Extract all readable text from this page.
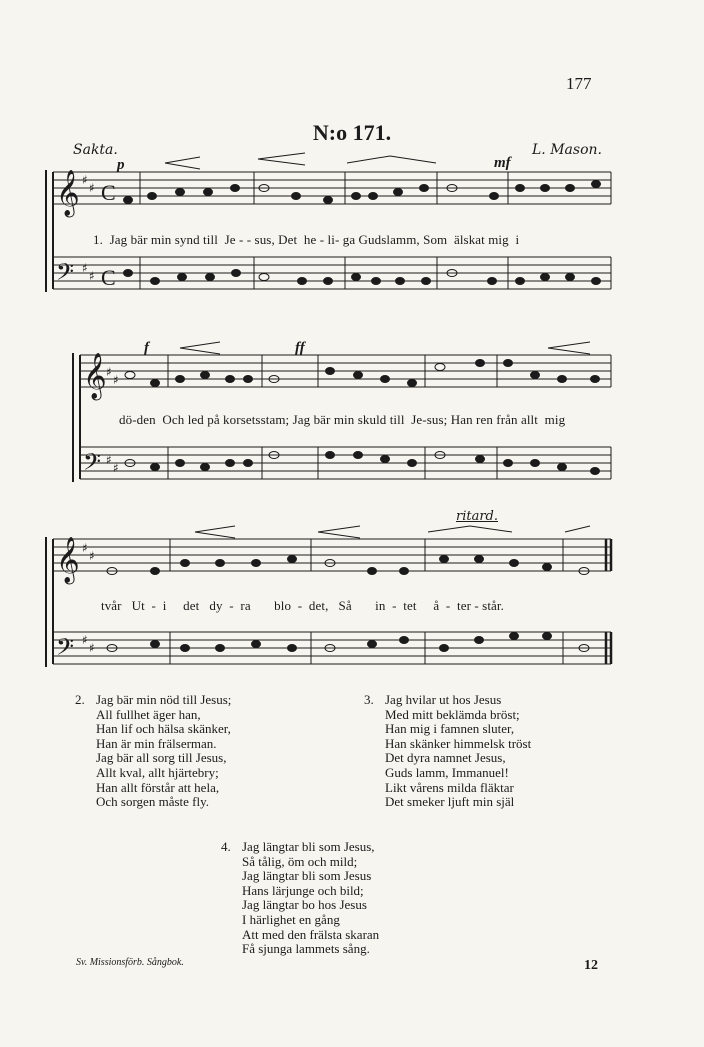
177
N:o 171.
Sakta.	L. Mason.
p	mf
f	ff
ritard.
𝄞
𝄢
𝄞
𝄢
𝄞
𝄢
♯
♯
♯
♯
♯
♯
♯
♯
♯
♯
♯
♯
C
C
1.  Jag bär min synd till  Je - - sus, Det  he - li- ga Gudslamm, Som  älskat mig  i
dö-den  Och led på korsetsstam; Jag bär min skuld till  Je-sus; Han ren från allt  mig
tvår   Ut  -  i     det   dy  -  ra       blo  -  det,   Så       in  -  tet     å  -  ter - står.
2. Jag bär min nöd till Jesus;
All fullhet äger han,
Han lif och hälsa skänker,
Han är min frälserman.
Jag bär all sorg till Jesus,
Allt kval, allt hjärtebry;
Han allt förstår att hela,
Och sorgen måste fly.
3. Jag hvilar ut hos Jesus
Med mitt beklämda bröst;
Han mig i famnen sluter,
Han skänker himmelsk tröst
Det dyra namnet Jesus,
Guds lamm, Immanuel!
Likt vårens milda fläktar
Det smeker ljuft min själ
4. Jag längtar bli som Jesus,
Så tålig, öm och mild;
Jag längtar bli som Jesus
Hans lärjunge och bild;
Jag längtar bo hos Jesus
I härlighet en gång
Att med den frälsta skaran
Få sjunga lammets sång.
Sv. Missionsförb. Sångbok.	12
